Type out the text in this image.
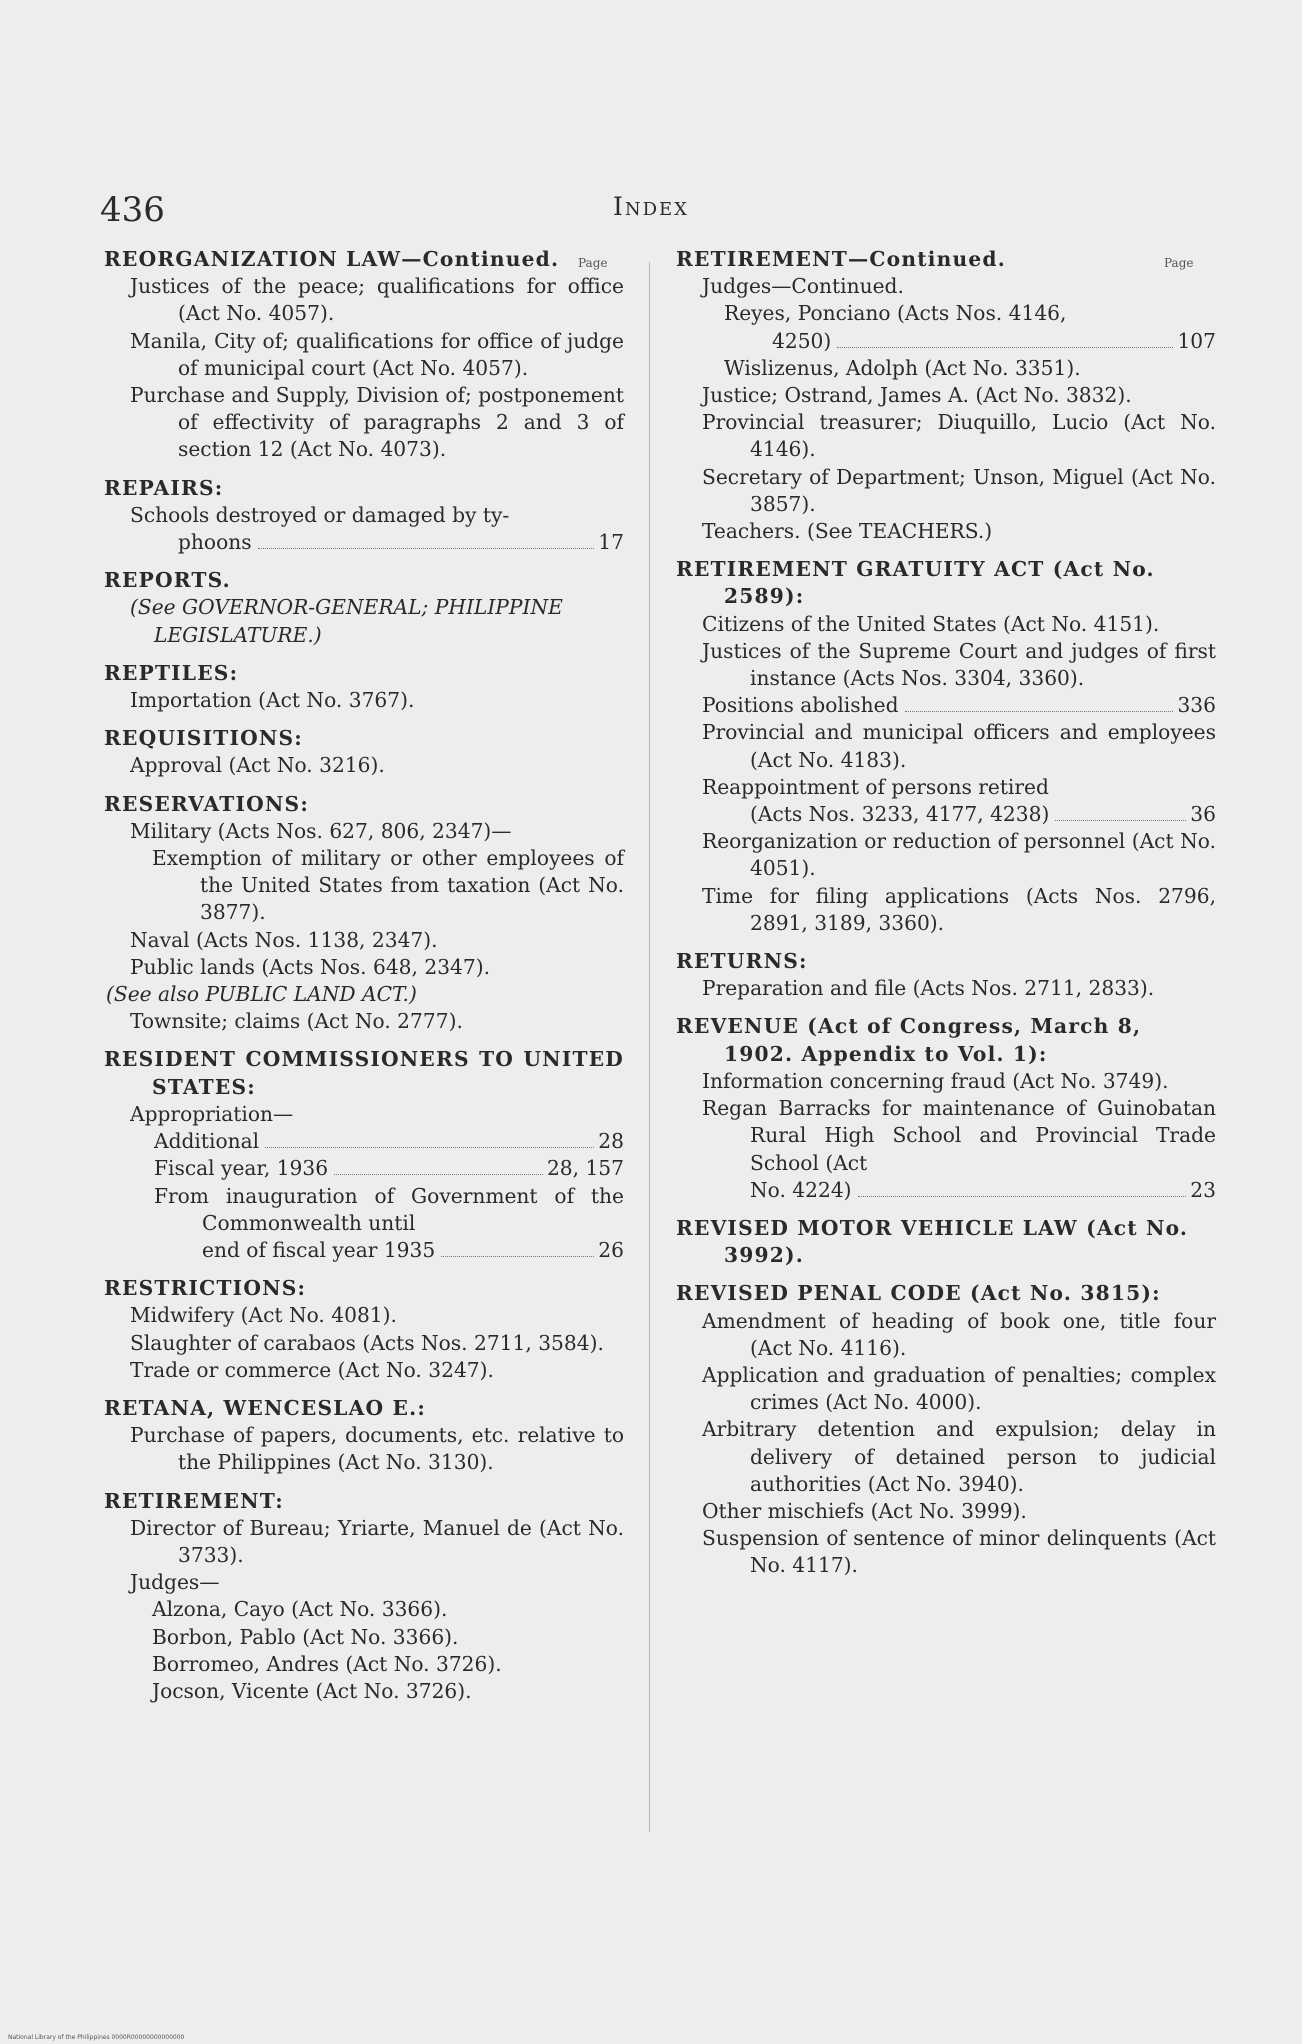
436	Index
Page	Page
REORGANIZATION LAW—Continued.
Justices of the peace; qualifications for office (Act No. 4057).
Manila, City of; qualifications for office of judge of municipal court (Act No. 4057).
Purchase and Supply, Division of; postponement of effectivity of paragraphs 2 and 3 of section 12 (Act No. 4073).
REPAIRS:
Schools destroyed or damaged by ty-
phoons	17
REPORTS.
(See GOVERNOR-GENERAL; PHILIPPINE LEGISLATURE.)
REPTILES:
Importation (Act No. 3767).
REQUISITIONS:
Approval (Act No. 3216).
RESERVATIONS:
Military (Acts Nos. 627, 806, 2347)—
Exemption of military or other employees of the United States from taxation (Act No. 3877).
Naval (Acts Nos. 1138, 2347).
Public lands (Acts Nos. 648, 2347).
(See also PUBLIC LAND ACT.)
Townsite; claims (Act No. 2777).
RESIDENT COMMISSIONERS TO UNITED STATES:
Appropriation—
Additional	28
Fiscal year, 1936	28, 157
From inauguration of Government of the Commonwealth until
end of fiscal year 1935	26
RESTRICTIONS:
Midwifery (Act No. 4081).
Slaughter of carabaos (Acts Nos. 2711, 3584).
Trade or commerce (Act No. 3247).
RETANA, WENCESLAO E.:
Purchase of papers, documents, etc. relative to the Philippines (Act No. 3130).
RETIREMENT:
Director of Bureau; Yriarte, Manuel de (Act No. 3733).
Judges—
Alzona, Cayo (Act No. 3366).
Borbon, Pablo (Act No. 3366).
Borromeo, Andres (Act No. 3726).
Jocson, Vicente (Act No. 3726).
RETIREMENT—Continued.
Judges—Continued.
Reyes, Ponciano (Acts Nos. 4146,
4250)	107
Wislizenus, Adolph (Act No. 3351).
Justice; Ostrand, James A. (Act No. 3832).
Provincial treasurer; Diuquillo, Lucio (Act No. 4146).
Secretary of Department; Unson, Miguel (Act No. 3857).
Teachers. (See TEACHERS.)
RETIREMENT GRATUITY ACT (Act No. 2589):
Citizens of the United States (Act No. 4151).
Justices of the Supreme Court and judges of first instance (Acts Nos. 3304, 3360).
Positions abolished	336
Provincial and municipal officers and employees (Act No. 4183).
Reappointment of persons retired
(Acts Nos. 3233, 4177, 4238)	36
Reorganization or reduction of personnel (Act No. 4051).
Time for filing applications (Acts Nos. 2796, 2891, 3189, 3360).
RETURNS:
Preparation and file (Acts Nos. 2711, 2833).
REVENUE (Act of Congress, March 8, 1902. Appendix to Vol. 1):
Information concerning fraud (Act No. 3749).
Regan Barracks for maintenance of Guinobatan Rural High School and Provincial Trade School (Act
No. 4224)	23
REVISED MOTOR VEHICLE LAW (Act No. 3992).
REVISED PENAL CODE (Act No. 3815):
Amendment of heading of book one, title four (Act No. 4116).
Application and graduation of penalties; complex crimes (Act No. 4000).
Arbitrary detention and expulsion; delay in delivery of detained person to judicial authorities (Act No. 3940).
Other mischiefs (Act No. 3999).
Suspension of sentence of minor delinquents (Act No. 4117).
National Library of the Philippines 0000R00000000000000
